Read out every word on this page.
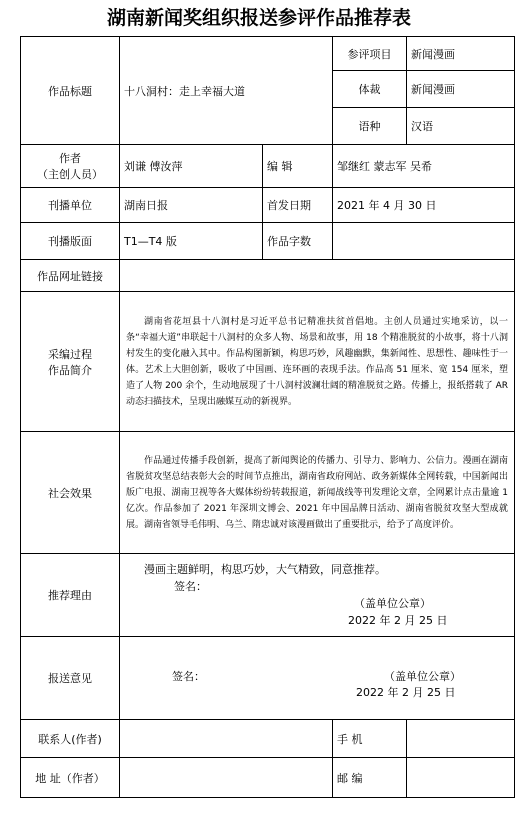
湖南新闻奖组织报送参评作品推荐表
作品标题	十八洞村：走上幸福大道		参评项目	新闻漫画
			体裁	新闻漫画
			语种	汉语

作者
（主创人员）	刘谦 傅汝萍	编 辑	邹继红 蒙志军 吴希	
刊播单位	湖南日报	首发日期	2021 年 4 月 30 日	
刊播版面	T1—T4 版	作品字数		
作品网址链接				

采编过程
作品简介	湖南省花垣县十八洞村是习近平总书记精准扶贫首倡地。主创人员通过实地采访，以一条“幸福大道”串联起十八洞村的众多人物、场景和故事，用 18 个精准脱贫的小故事，将十八洞村发生的变化融入其中。作品构图新颖，构思巧妙，风趣幽默，集新闻性、思想性、趣味性于一体。艺术上大胆创新，吸收了中国画、连环画的表现手法。作品高 51 厘米、宽 154 厘米，塑造了人物 200 余个，生动地展现了十八洞村波澜壮阔的精准脱贫之路。传播上，报纸搭载了 AR 动态扫描技术，呈现出融媒互动的新视界。			
社会效果	作品通过传播手段创新，提高了新闻舆论的传播力、引导力、影响力、公信力。漫画在湖南省脱贫攻坚总结表彰大会的时间节点推出，湖南省政府网站、政务新媒体全网转载，中国新闻出版广电报、湖南卫视等各大媒体纷纷转载报道，新闻战线等刊发理论文章，全网累计点击量逾 1 亿次。作品参加了 2021 年深圳文博会、2021 年中国品牌日活动、湖南省脱贫攻坚大型成就展。湖南省领导毛伟明、乌兰、隋忠诚对该漫画做出了重要批示，给予了高度评价。			
推荐理由	漫画主题鲜明，构思巧妙，大气精致，同意推荐。
签名：
（盖单位公章）
2022 年 2 月 25 日			

报送意见	签名： （盖单位公章）
2022 年 2 月 25 日			

联系人(作者)			手 机	
地 址（作者）			邮 编	
